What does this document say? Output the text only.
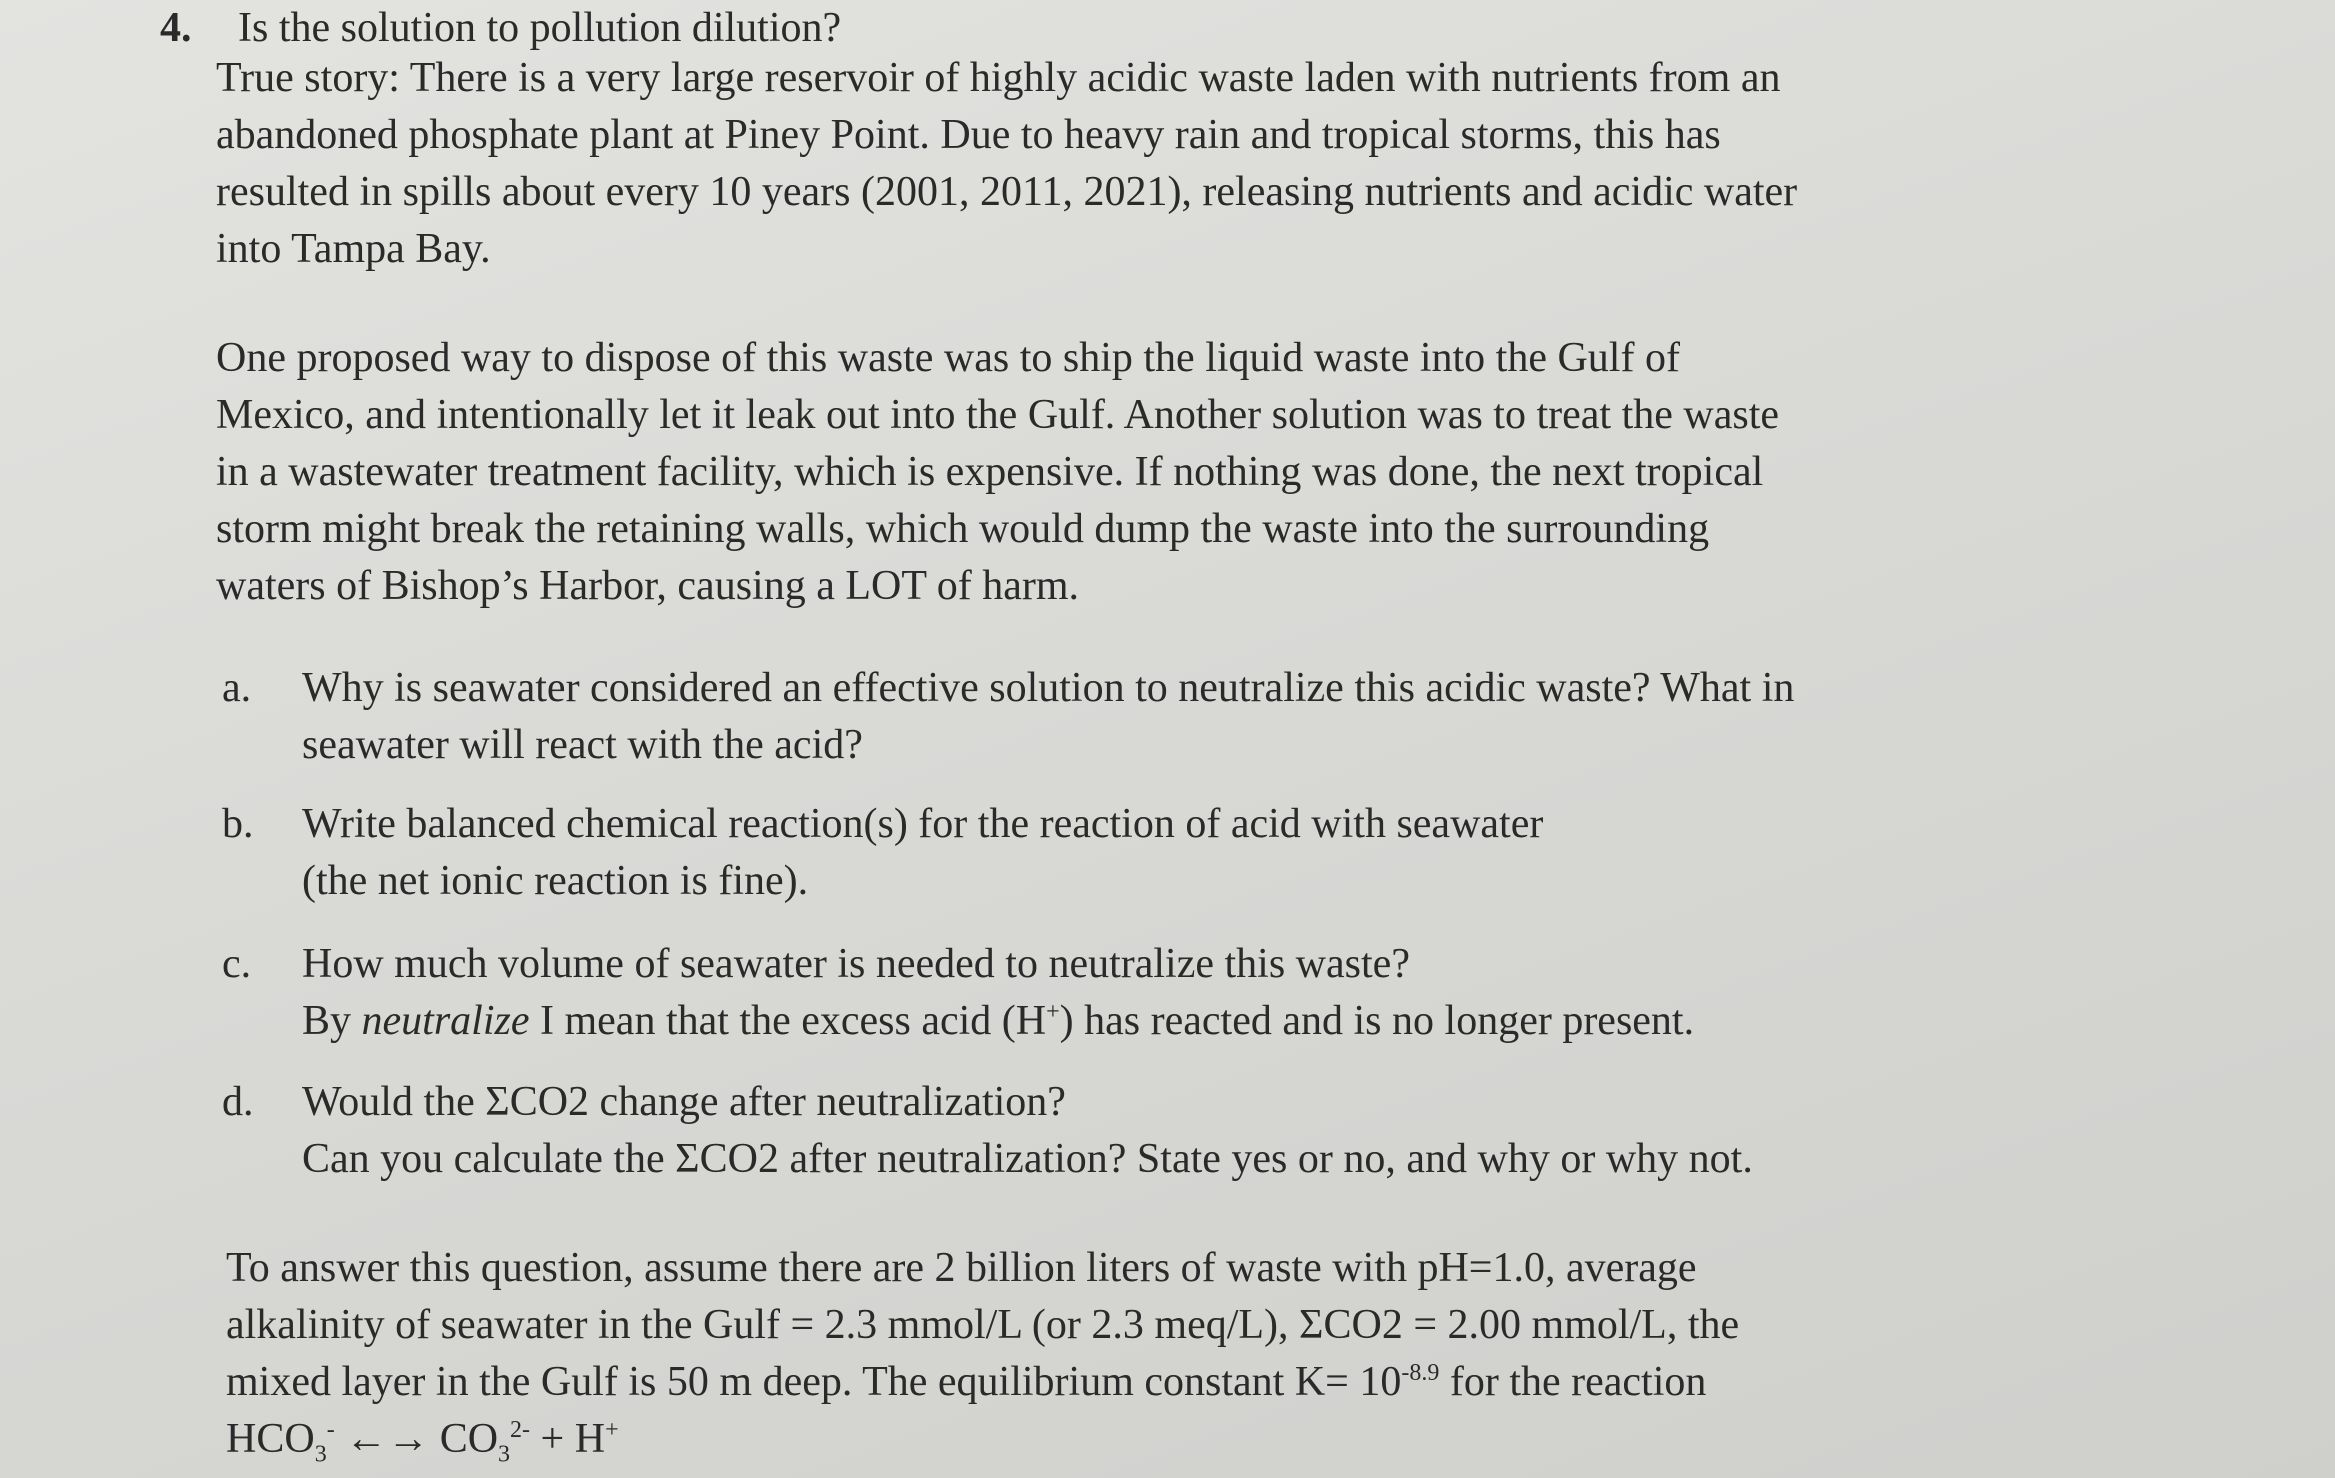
4. Is the solution to pollution dilution?
True story: There is a very large reservoir of highly acidic waste laden with nutrients from an
abandoned phosphate plant at Piney Point. Due to heavy rain and tropical storms, this has
resulted in spills about every 10 years (2001, 2011, 2021), releasing nutrients and acidic water
into Tampa Bay.
One proposed way to dispose of this waste was to ship the liquid waste into the Gulf of
Mexico, and intentionally let it leak out into the Gulf. Another solution was to treat the waste
in a wastewater treatment facility, which is expensive. If nothing was done, the next tropical
storm might break the retaining walls, which would dump the waste into the surrounding
waters of Bishop’s Harbor, causing a LOT of harm.
a.	Why is seawater considered an effective solution to neutralize this acidic waste? What in
seawater will react with the acid?
b.	Write balanced chemical reaction(s) for the reaction of acid with seawater
(the net ionic reaction is fine).
c.	How much volume of seawater is needed to neutralize this waste?
By neutralize I mean that the excess acid (H+) has reacted and is no longer present.
d.	Would the ΣCO2 change after neutralization?
Can you calculate the ΣCO2 after neutralization? State yes or no, and why or why not.
To answer this question, assume there are 2 billion liters of waste with pH=1.0, average
alkalinity of seawater in the Gulf = 2.3 mmol/L (or 2.3 meq/L), ΣCO2 = 2.00 mmol/L, the
mixed layer in the Gulf is 50 m deep. The equilibrium constant $K= 10^{-8.9}$ for the reaction
$HCO_3^-$ ←→ $CO_3^{2-} + H^+$
